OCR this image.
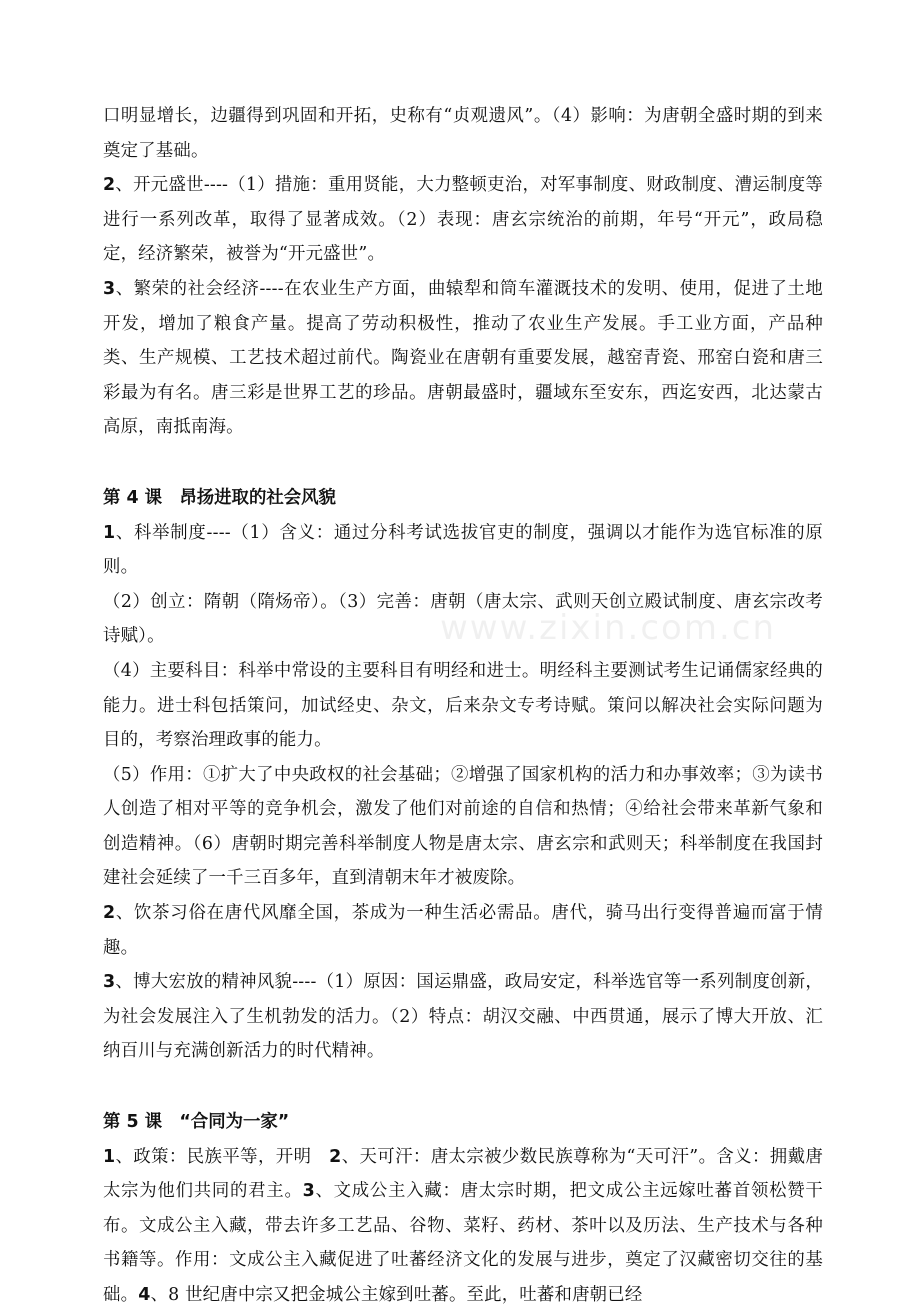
www.zixin.com.cn

口明显增长，边疆得到巩固和开拓，史称有“贞观遗风”。（4）影响：为唐朝全盛时期的到来奠定了基础。

2、开元盛世----（1）措施：重用贤能，大力整顿吏治，对军事制度、财政制度、漕运制度等进行一系列改革，取得了显著成效。（2）表现：唐玄宗统治的前期，年号“开元”，政局稳定，经济繁荣，被誉为“开元盛世”。

3、繁荣的社会经济----在农业生产方面，曲辕犁和筒车灌溉技术的发明、使用，促进了土地开发，增加了粮食产量。提高了劳动积极性，推动了农业生产发展。手工业方面，产品种类、生产规模、工艺技术超过前代。陶瓷业在唐朝有重要发展，越窑青瓷、邢窑白瓷和唐三彩最为有名。唐三彩是世界工艺的珍品。唐朝最盛时，疆域东至安东，西迄安西，北达蒙古高原，南抵南海。

第 4 课　昂扬进取的社会风貌

1、科举制度----（1）含义：通过分科考试选拔官吏的制度，强调以才能作为选官标准的原则。

（2）创立：隋朝（隋炀帝）。（3）完善：唐朝（唐太宗、武则天创立殿试制度、唐玄宗改考诗赋）。

（4）主要科目：科举中常设的主要科目有明经和进士。明经科主要测试考生记诵儒家经典的能力。进士科包括策问，加试经史、杂文，后来杂文专考诗赋。策问以解决社会实际问题为目的，考察治理政事的能力。

（5）作用：①扩大了中央政权的社会基础；②增强了国家机构的活力和办事效率；③为读书人创造了相对平等的竞争机会，激发了他们对前途的自信和热情；④给社会带来革新气象和创造精神。（6）唐朝时期完善科举制度人物是唐太宗、唐玄宗和武则天；科举制度在我国封建社会延续了一千三百多年，直到清朝末年才被废除。

2、饮茶习俗在唐代风靡全国，茶成为一种生活必需品。唐代，骑马出行变得普遍而富于情趣。

3、博大宏放的精神风貌----（1）原因：国运鼎盛，政局安定，科举选官等一系列制度创新，为社会发展注入了生机勃发的活力。（2）特点：胡汉交融、中西贯通，展示了博大开放、汇纳百川与充满创新活力的时代精神。

第 5 课　“合同为一家”

1、政策：民族平等，开明　2、天可汗：唐太宗被少数民族尊称为“天可汗”。含义：拥戴唐太宗为他们共同的君主。3、文成公主入藏：唐太宗时期，把文成公主远嫁吐蕃首领松赞干布。文成公主入藏，带去许多工艺品、谷物、菜籽、药材、茶叶以及历法、生产技术与各种书籍等。作用：文成公主入藏促进了吐蕃经济文化的发展与进步，奠定了汉藏密切交往的基础。4、8 世纪唐中宗又把金城公主嫁到吐蕃。至此，吐蕃和唐朝已经
